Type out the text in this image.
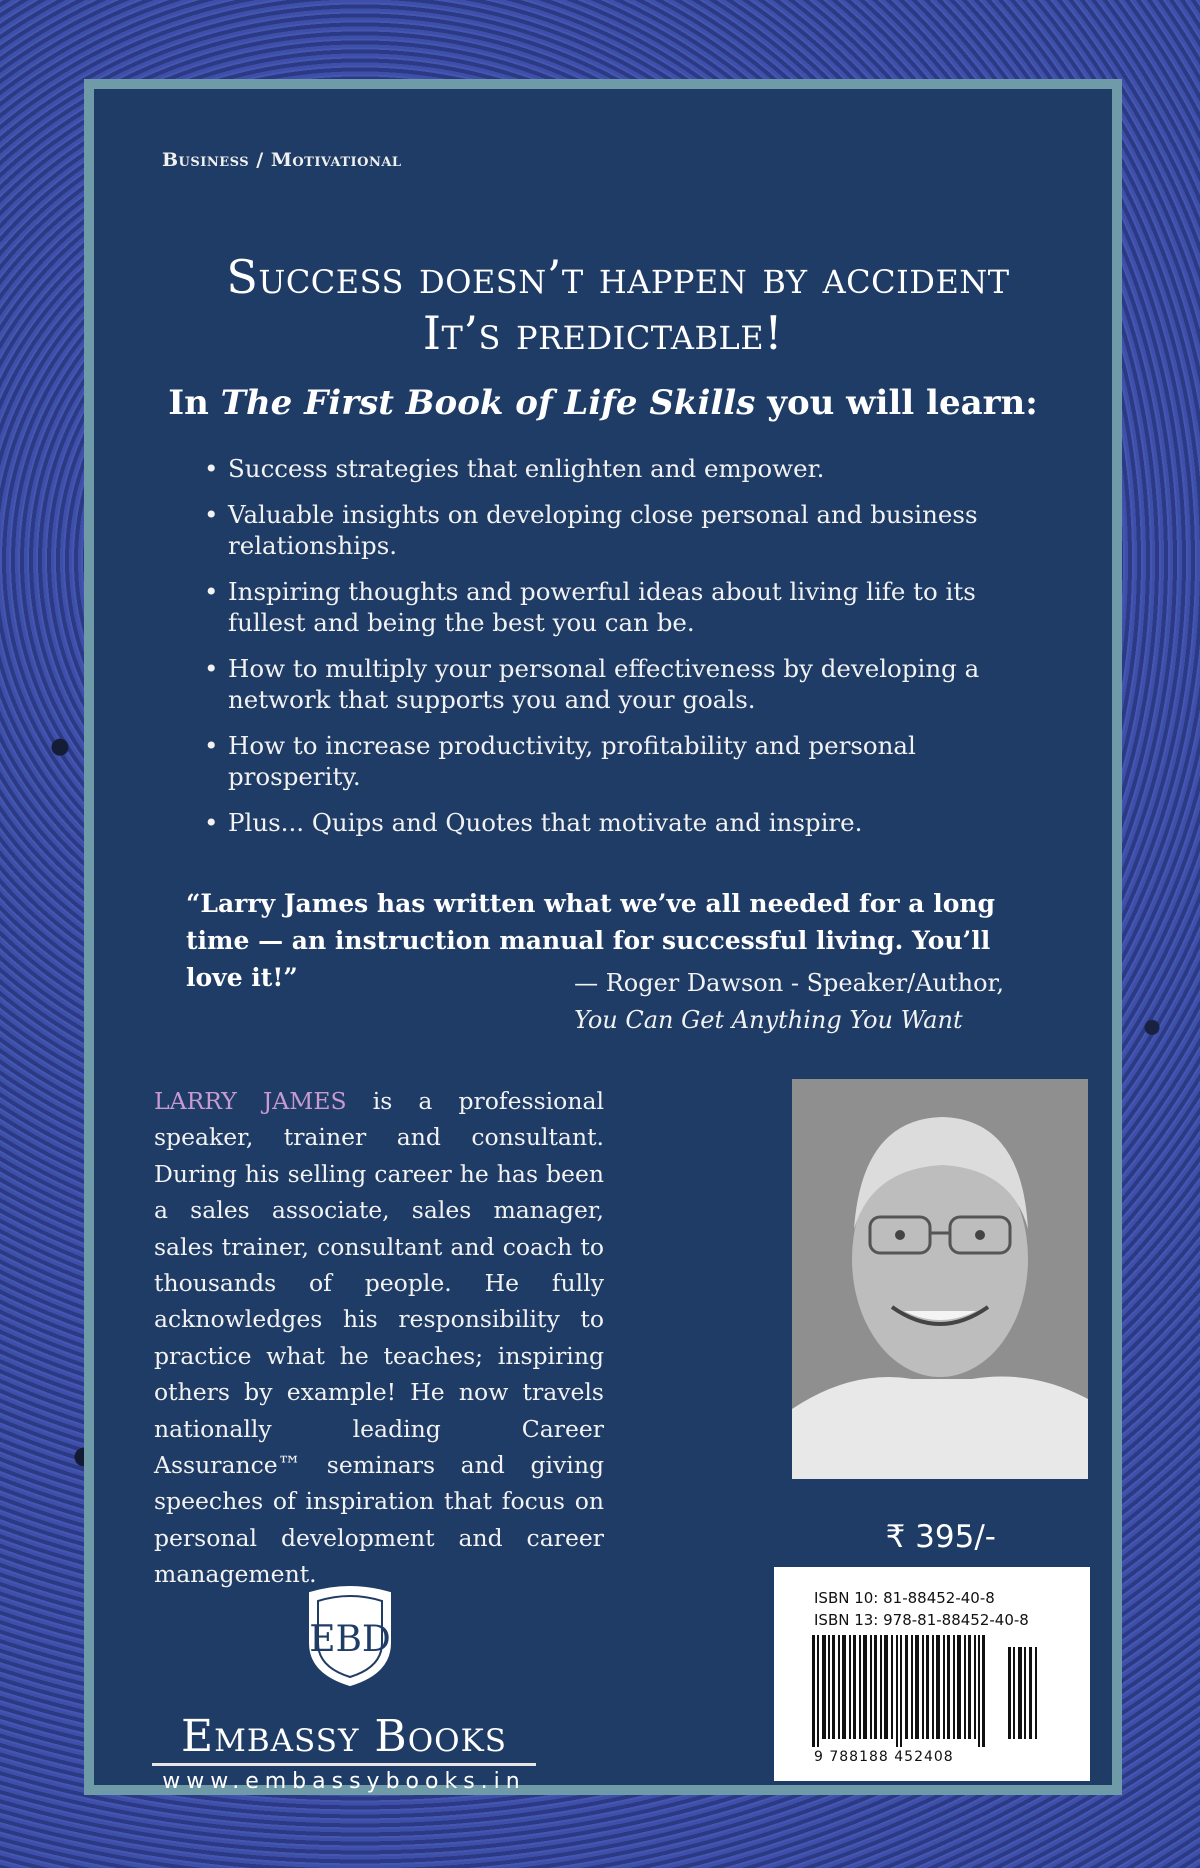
Business / Motivational
Success doesn’t happen by accident
It’s predictable!
In The First Book of Life Skills you will learn:
• Success strategies that enlighten and empower.
• Valuable insights on developing close personal and business relationships.
• Inspiring thoughts and powerful ideas about living life to its fullest and being the best you can be.
• How to multiply your personal effectiveness by developing a network that supports you and your goals.
• How to increase productivity, profitability and personal prosperity.
• Plus... Quips and Quotes that motivate and inspire.
“Larry James has written what we’ve all needed for a long time — an instruction manual for successful living. You’ll love it!”	— Roger Dawson - Speaker/Author,
You Can Get Anything You Want
LARRY JAMES is a professional speaker, trainer and consultant. During his selling career he has been a sales associate, sales manager, sales trainer, consultant and coach to thousands of people. He fully acknowledges his responsibility to practice what he teaches; inspiring others by example! He now travels nationally leading Career Assurance™ seminars and giving speeches of inspiration that focus on personal development and career management.
₹ 395/-
ISBN 10: 81-88452-40-8
ISBN 13: 978-81-88452-40-8
9 788188 452408
EBD
Embassy Books
www.embassybooks.in
